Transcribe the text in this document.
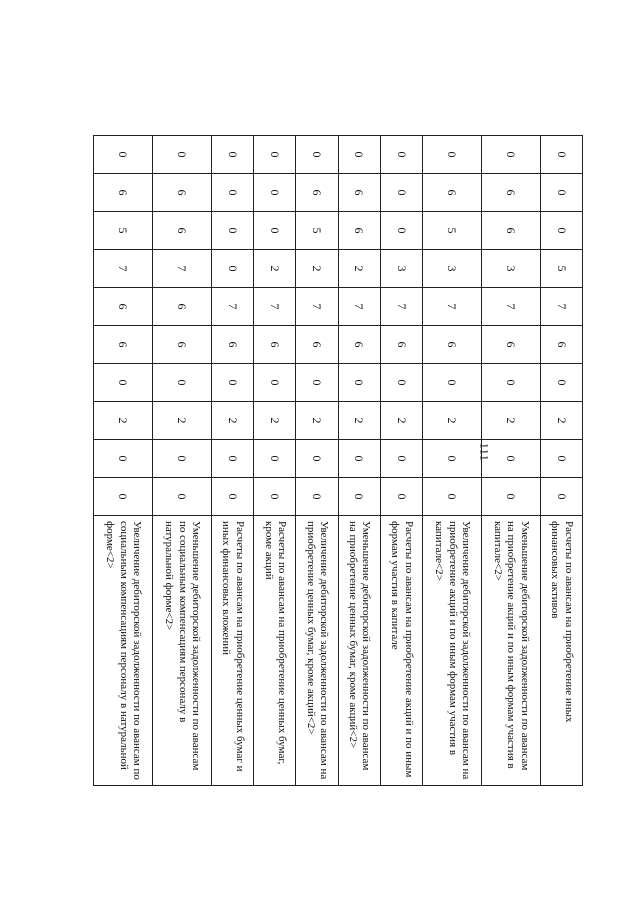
111
0	0	0	5	7	6	0	2	0	0	Расчеты по авансам на приобретение иных финансовых активов
0	6	6	3	7	6	0	2	0	0	Уменьшение дебиторской задолженности по авансам на приобретение акций и по иным формам участия в капитале<2>
0	6	5	3	7	6	0	2	0	0	Увеличение дебиторской задолженности по авансам на приобретение акций и по иным формам участия в капитале<2>
0	0	0	3	7	6	0	2	0	0	Расчеты по авансам на приобретение акций и по иным формам участия в капитале
0	6	6	2	7	6	0	2	0	0	Уменьшение дебиторской задолженности по авансам на приобретение ценных бумаг, кроме акций<2>
0	6	5	2	7	6	0	2	0	0	Увеличение дебиторской задолженности по авансам на приобретение ценных бумаг, кроме акций<2>
0	0	0	2	7	6	0	2	0	0	Расчеты по авансам на приобретение ценных бумаг, кроме акций
0	0	0	0	7	6	0	2	0	0	Расчеты по авансам на приобретение ценных бумаг и иных финансовых вложений
0	6	6	7	6	6	0	2	0	0	Уменьшение дебиторской задолженности по авансам по социальным компенсациям персоналу в натуральной форме<2>
0	6	5	7	6	6	0	2	0	0	Увеличение дебиторской задолженности по авансам по социальным компенсациям персоналу в натуральной форме<2>
